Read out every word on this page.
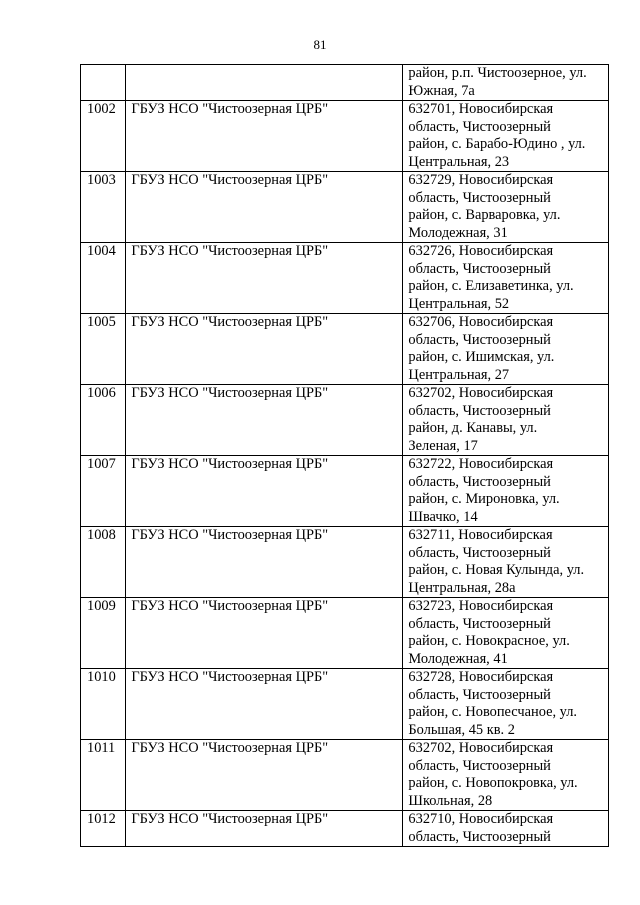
81
		район, р.п. Чистоозерное, ул.
Южная, 7а
1002	ГБУЗ НСО "Чистоозерная ЦРБ"	632701, Новосибирская
область, Чистоозерный
район, с. Барабо-Юдино , ул.
Центральная, 23
1003	ГБУЗ НСО "Чистоозерная ЦРБ"	632729, Новосибирская
область, Чистоозерный
район, с. Варваровка, ул.
Молодежная, 31
1004	ГБУЗ НСО "Чистоозерная ЦРБ"	632726, Новосибирская
область, Чистоозерный
район, с. Елизаветинка, ул.
Центральная, 52
1005	ГБУЗ НСО "Чистоозерная ЦРБ"	632706, Новосибирская
область, Чистоозерный
район, с. Ишимская, ул.
Центральная, 27
1006	ГБУЗ НСО "Чистоозерная ЦРБ"	632702, Новосибирская
область, Чистоозерный
район, д. Канавы, ул.
Зеленая, 17
1007	ГБУЗ НСО "Чистоозерная ЦРБ"	632722, Новосибирская
область, Чистоозерный
район, с. Мироновка, ул.
Швачко, 14
1008	ГБУЗ НСО "Чистоозерная ЦРБ"	632711, Новосибирская
область, Чистоозерный
район, с. Новая Кулында, ул.
Центральная, 28а
1009	ГБУЗ НСО "Чистоозерная ЦРБ"	632723, Новосибирская
область, Чистоозерный
район, с. Новокрасное, ул.
Молодежная, 41
1010	ГБУЗ НСО "Чистоозерная ЦРБ"	632728, Новосибирская
область, Чистоозерный
район, с. Новопесчаное, ул.
Большая, 45 кв. 2
1011	ГБУЗ НСО "Чистоозерная ЦРБ"	632702, Новосибирская
область, Чистоозерный
район, с. Новопокровка, ул.
Школьная, 28
1012	ГБУЗ НСО "Чистоозерная ЦРБ"	632710, Новосибирская
область, Чистоозерный
